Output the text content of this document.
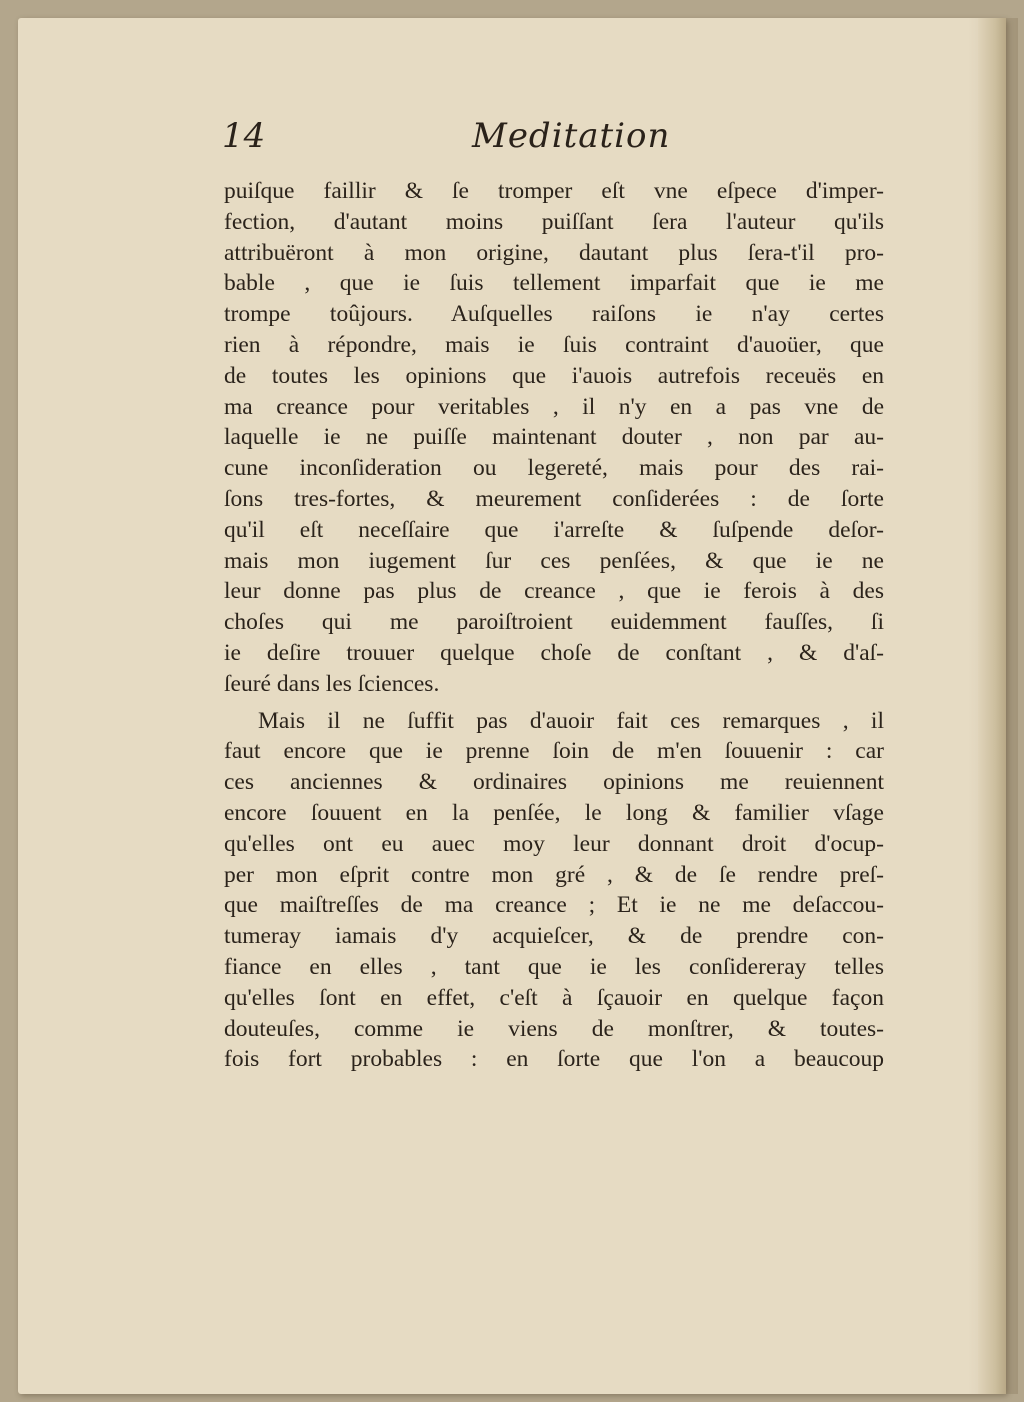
14	Meditation
puiſque faillir & ſe tromper eſt vne eſpece d'imper-
fection, d'autant moins puiſſant ſera l'auteur qu'ils
attribuëront à mon origine, dautant plus ſera-t'il pro-
bable , que ie ſuis tellement imparfait que ie me
trompe toûjours. Auſquelles raiſons ie n'ay certes
rien à répondre, mais ie ſuis contraint d'auoüer, que
de toutes les opinions que i'auois autrefois receuës en
ma creance pour veritables , il n'y en a pas vne de
laquelle ie ne puiſſe maintenant douter , non par au-
cune inconſideration ou legereté, mais pour des rai-
ſons tres-fortes, & meurement conſiderées : de ſorte
qu'il eſt neceſſaire que i'arreſte & ſuſpende deſor-
mais mon iugement ſur ces penſées, & que ie ne
leur donne pas plus de creance , que ie ferois à des
choſes qui me paroiſtroient euidemment fauſſes, ſi
ie deſire trouuer quelque choſe de conſtant , & d'aſ-
ſeuré dans les ſciences.
Mais il ne ſuffit pas d'auoir fait ces remarques , il
faut encore que ie prenne ſoin de m'en ſouuenir : car
ces anciennes & ordinaires opinions me reuiennent
encore ſouuent en la penſée, le long & familier vſage
qu'elles ont eu auec moy leur donnant droit d'ocup-
per mon eſprit contre mon gré , & de ſe rendre preſ-
que maiſtreſſes de ma creance ; Et ie ne me deſaccou-
tumeray iamais d'y acquieſcer, & de prendre con-
fiance en elles , tant que ie les conſidereray telles
qu'elles ſont en effet, c'eſt à ſçauoir en quelque façon
douteuſes, comme ie viens de monſtrer, & toutes-
fois fort probables : en ſorte que l'on a beaucoup
